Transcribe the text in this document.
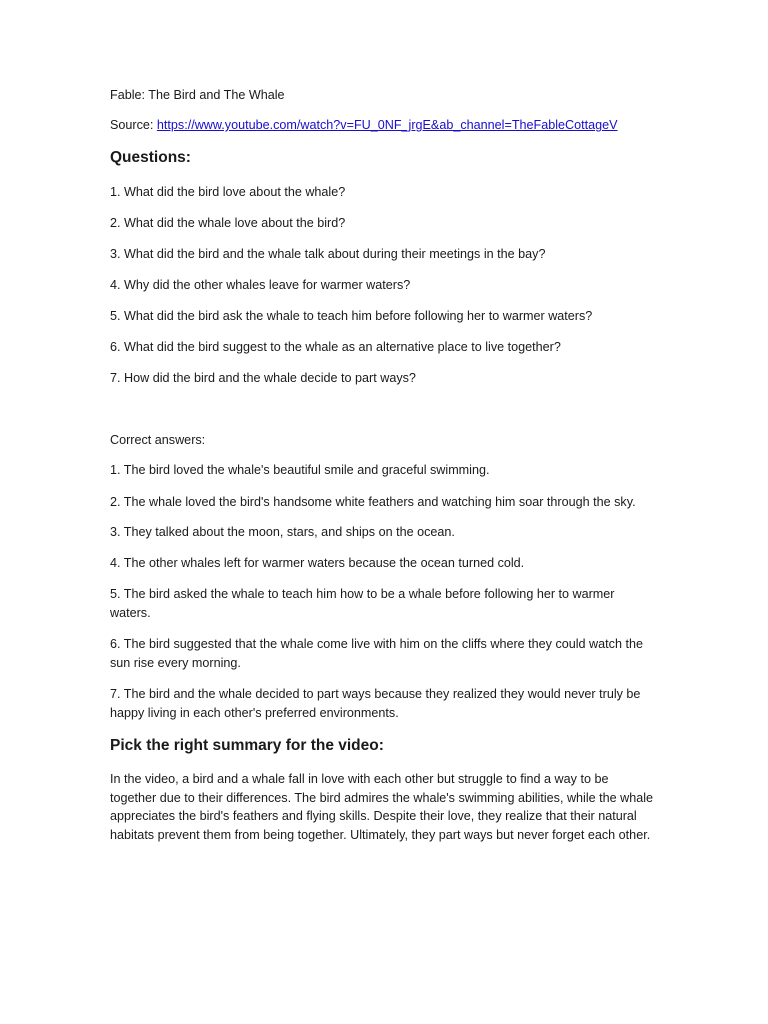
Fable: The Bird and The Whale
Source: https://www.youtube.com/watch?v=FU_0NF_jrgE&ab_channel=TheFableCottageV
Questions:
1. What did the bird love about the whale?
2. What did the whale love about the bird?
3. What did the bird and the whale talk about during their meetings in the bay?
4. Why did the other whales leave for warmer waters?
5. What did the bird ask the whale to teach him before following her to warmer waters?
6. What did the bird suggest to the whale as an alternative place to live together?
7. How did the bird and the whale decide to part ways?
Correct answers:
1. The bird loved the whale's beautiful smile and graceful swimming.
2. The whale loved the bird's handsome white feathers and watching him soar through the sky.
3. They talked about the moon, stars, and ships on the ocean.
4. The other whales left for warmer waters because the ocean turned cold.
5. The bird asked the whale to teach him how to be a whale before following her to warmer waters.
6. The bird suggested that the whale come live with him on the cliffs where they could watch the sun rise every morning.
7. The bird and the whale decided to part ways because they realized they would never truly be happy living in each other's preferred environments.
Pick the right summary for the video:
In the video, a bird and a whale fall in love with each other but struggle to find a way to be together due to their differences. The bird admires the whale's swimming abilities, while the whale appreciates the bird's feathers and flying skills. Despite their love, they realize that their natural habitats prevent them from being together. Ultimately, they part ways but never forget each other.
